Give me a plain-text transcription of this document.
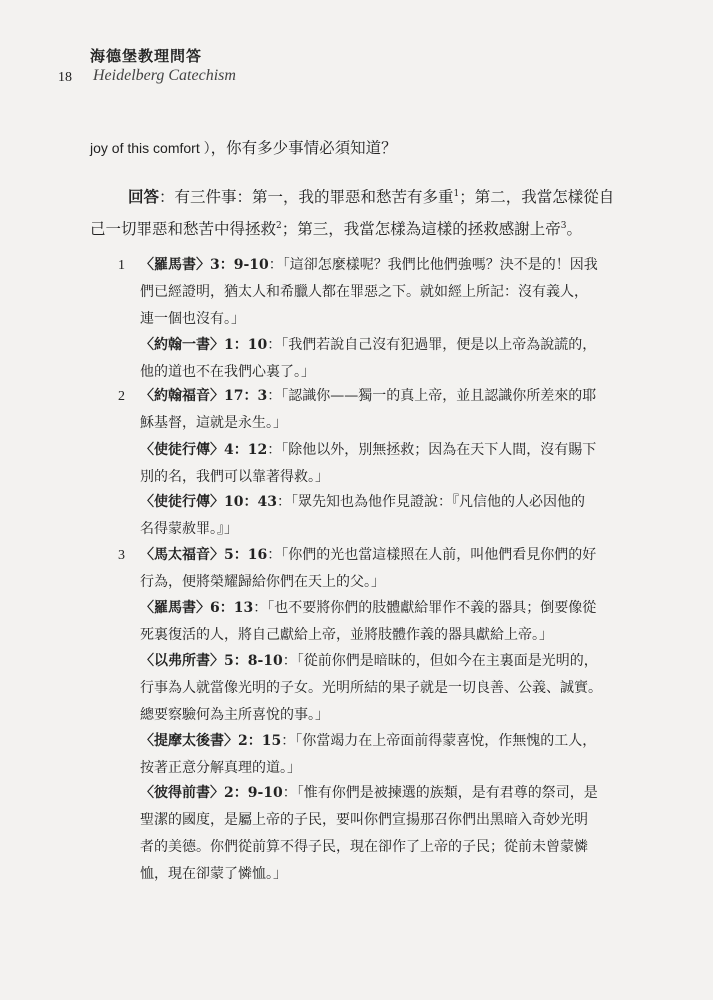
海德堡教理問答
18 Heidelberg Catechism
joy of this comfort ），你有多少事情必須知道？
回答：有三件事：第一，我的罪惡和愁苦有多重$^1$；第二，我當怎樣從自
己一切罪惡和愁苦中得拯救$^2$；第三，我當怎樣為這樣的拯救感謝上帝$^3$。
1 〈羅馬書〉3：9-10：「這卻怎麼樣呢？我們比他們強嗎？決不是的！因我
們已經證明，猶太人和希臘人都在罪惡之下。就如經上所記：沒有義人，
連一個也沒有。」
〈約翰一書〉1：10：「我們若說自己沒有犯過罪，便是以上帝為說謊的，
他的道也不在我們心裏了。」
2 〈約翰福音〉17：3：「認識你——獨一的真上帝，並且認識你所差來的耶
穌基督，這就是永生。」
〈使徒行傳〉4：12：「除他以外，別無拯救；因為在天下人間，沒有賜下
別的名，我們可以靠著得救。」
〈使徒行傳〉10：43：「眾先知也為他作見證說：『凡信他的人必因他的
名得蒙赦罪。』」
3 〈馬太福音〉5：16：「你們的光也當這樣照在人前，叫他們看見你們的好
行為，便將榮耀歸給你們在天上的父。」
〈羅馬書〉6：13：「也不要將你們的肢體獻給罪作不義的器具；倒要像從
死裏復活的人，將自己獻給上帝，並將肢體作義的器具獻給上帝。」
〈以弗所書〉5：8-10：「從前你們是暗昧的，但如今在主裏面是光明的，
行事為人就當像光明的子女。光明所結的果子就是一切良善、公義、誠實。
總要察驗何為主所喜悅的事。」
〈提摩太後書〉2：15：「你當竭力在上帝面前得蒙喜悅，作無愧的工人，
按著正意分解真理的道。」
〈彼得前書〉2：9-10：「惟有你們是被揀選的族類，是有君尊的祭司，是
聖潔的國度，是屬上帝的子民，要叫你們宣揚那召你們出黑暗入奇妙光明
者的美德。你們從前算不得子民，現在卻作了上帝的子民；從前未曾蒙憐
恤，現在卻蒙了憐恤。」
